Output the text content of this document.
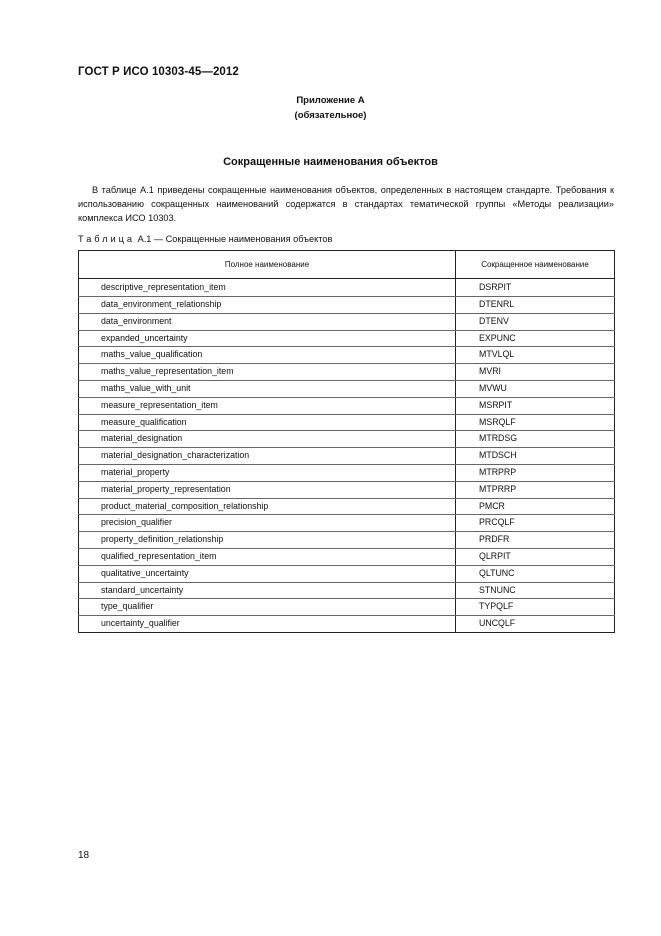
ГОСТ Р ИСО 10303-45—2012
Приложение А
(обязательное)
Сокращенные наименования объектов

В таблице А.1 приведены сокращенные наименования объектов, определенных в настоящем стандарте. Требования к использованию сокращенных наименований содержатся в стандартах тематической группы «Методы реализации» комплекса ИСО 10303.

Таблица А.1 — Сокращенные наименования объектов
Полное наименование	Сокращенное наименование
descriptive_representation_item	DSRPIT
data_environment_relationship	DTENRL
data_environment	DTENV
expanded_uncertainty	EXPUNC
maths_value_qualification	MTVLQL
maths_value_representation_item	MVRI
maths_value_with_unit	MVWU
measure_representation_item	MSRPIT
measure_qualification	MSRQLF
material_designation	MTRDSG
material_designation_characterization	MTDSCH
material_property	MTRPRP
material_property_representation	MTPRRP
product_material_composition_relationship	PMCR
precision_qualifier	PRCQLF
property_definition_relationship	PRDFR
qualified_representation_item	QLRPIT
qualitative_uncertainty	QLTUNC
standard_uncertainty	STNUNC
type_qualifier	TYPQLF
uncertainty_qualifier	UNCQLF
18
